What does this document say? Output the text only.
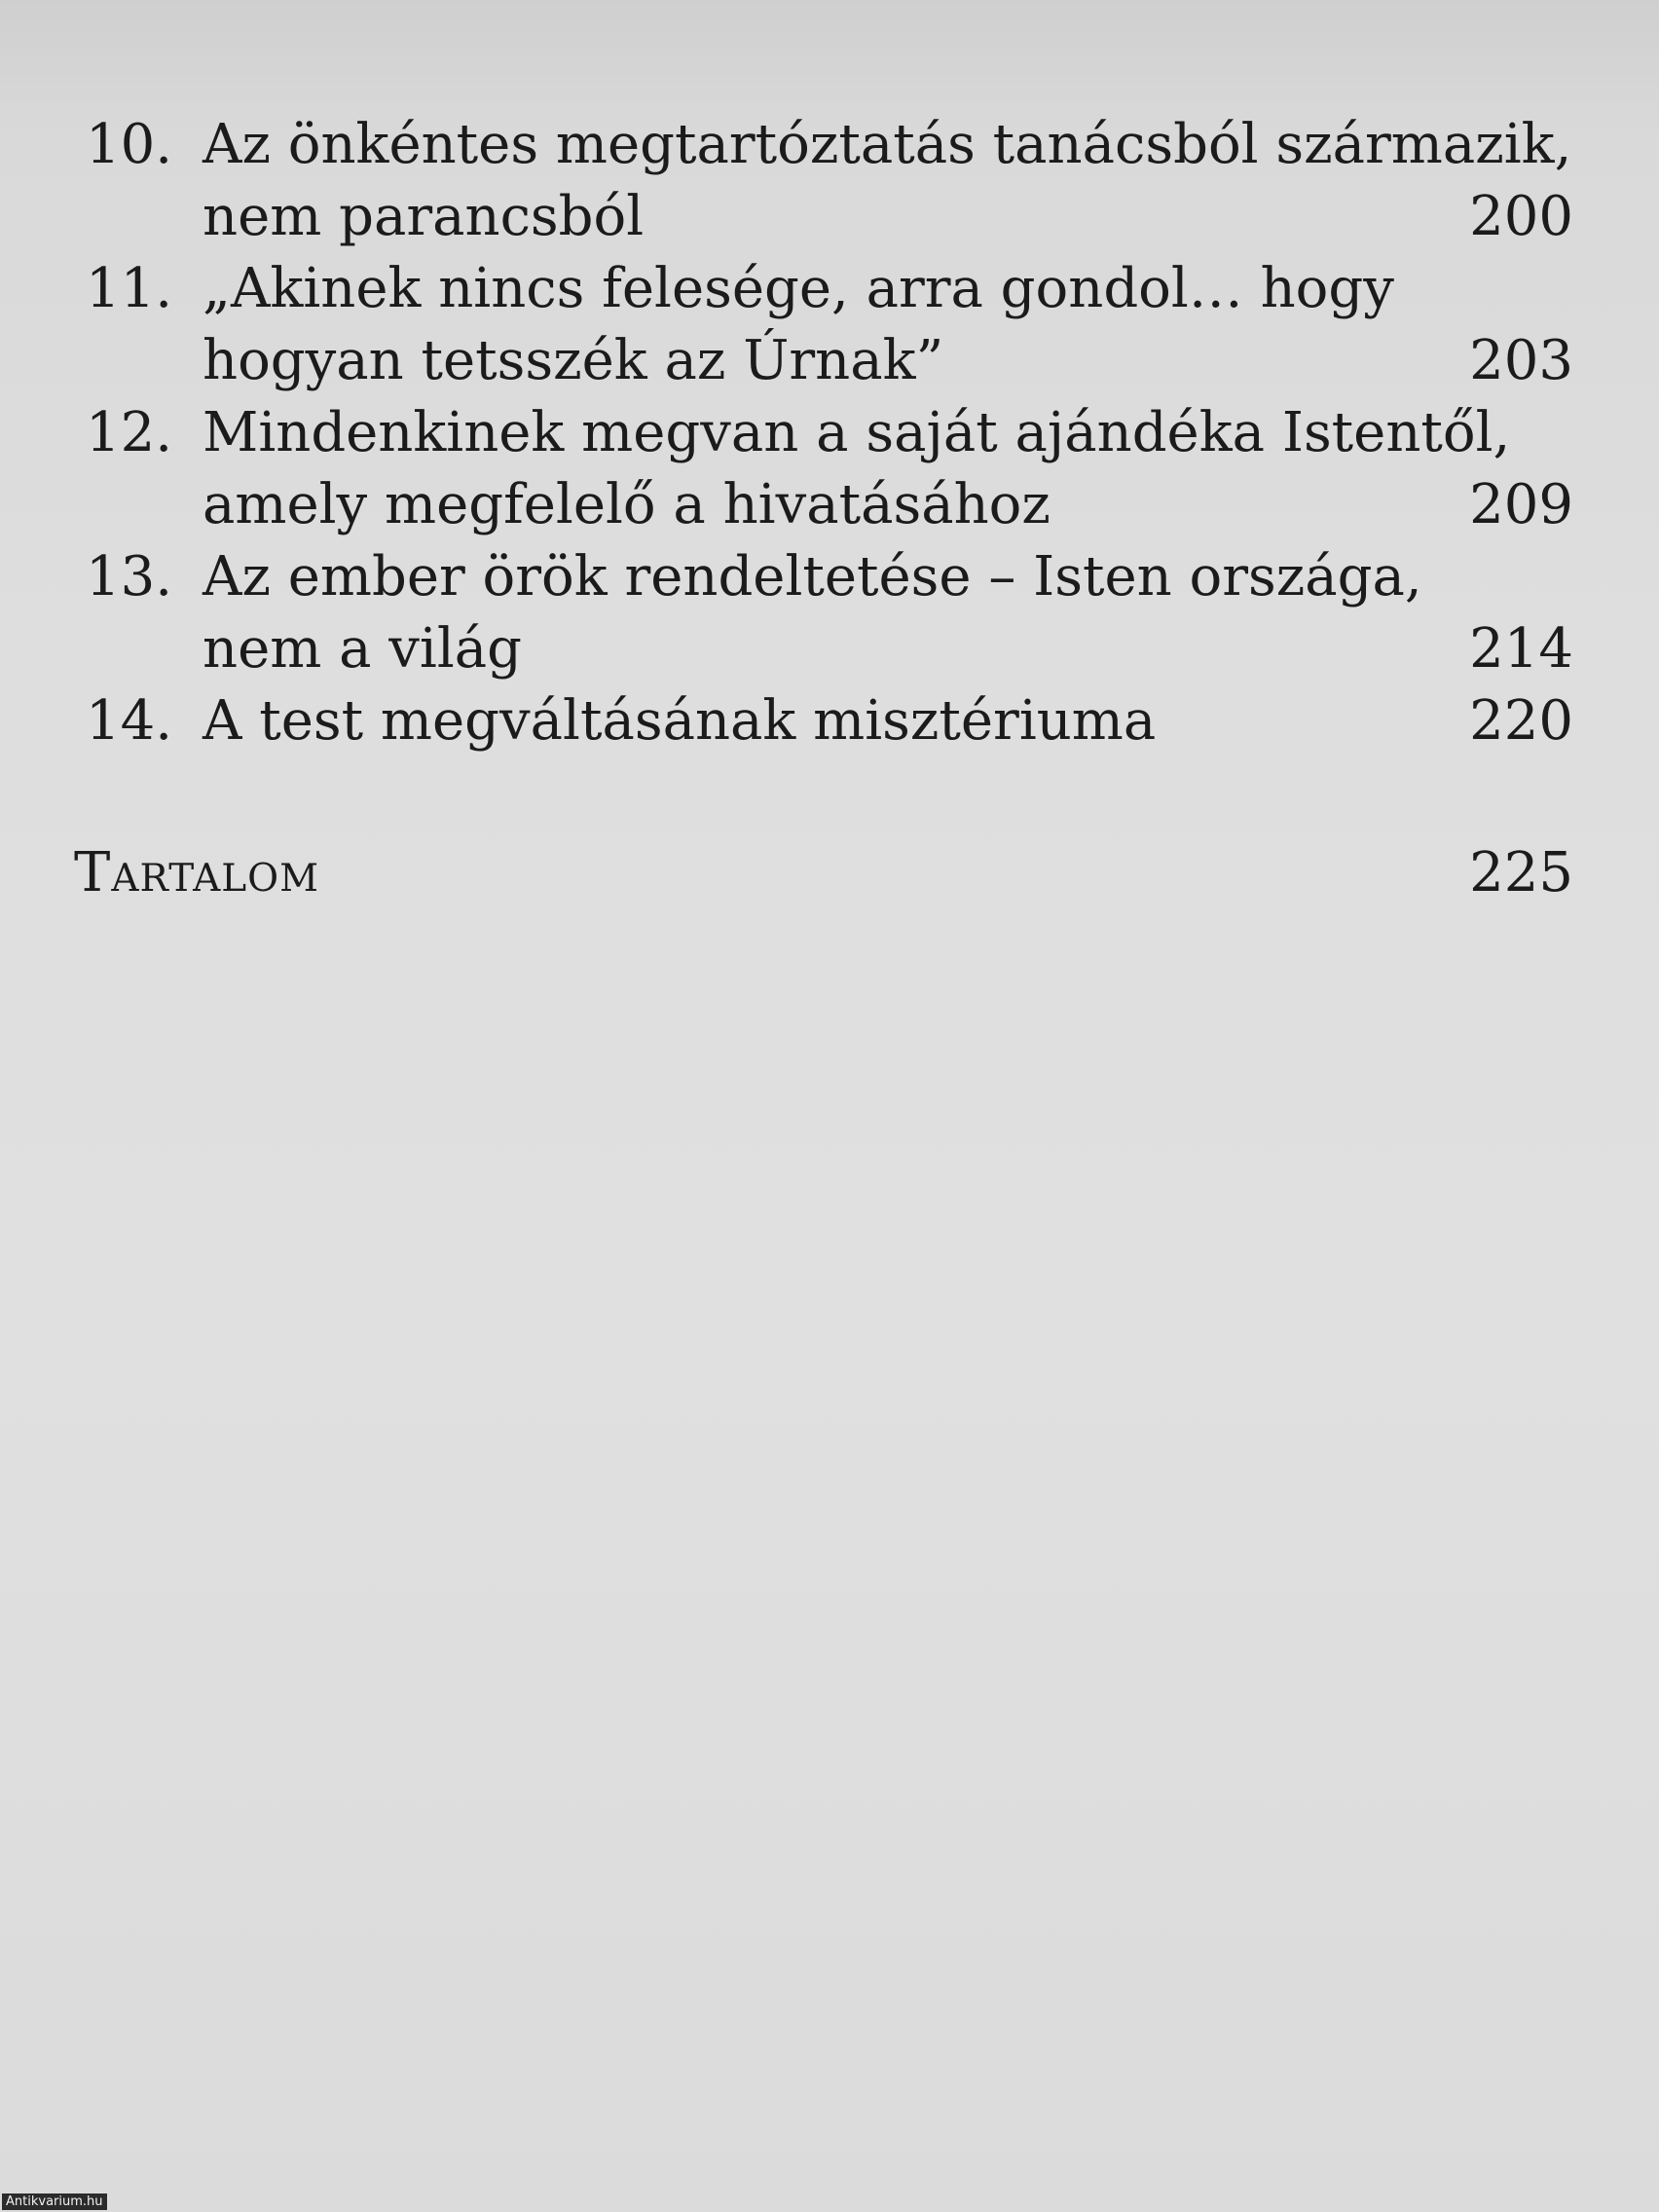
10. Az önkéntes megtartóztatás tanácsból származik,
nem parancsból	200
11. „Akinek nincs felesége, arra gondol… hogy
hogyan tetsszék az Úrnak”	203
12. Mindenkinek megvan a saját ajándéka Istentől,
amely megfelelő a hivatásához	209
13. Az ember örök rendeltetése – Isten országa,
nem a világ	214
14. A test megváltásának misztériuma	220
Tartalom	225
Antikvarium.hu
